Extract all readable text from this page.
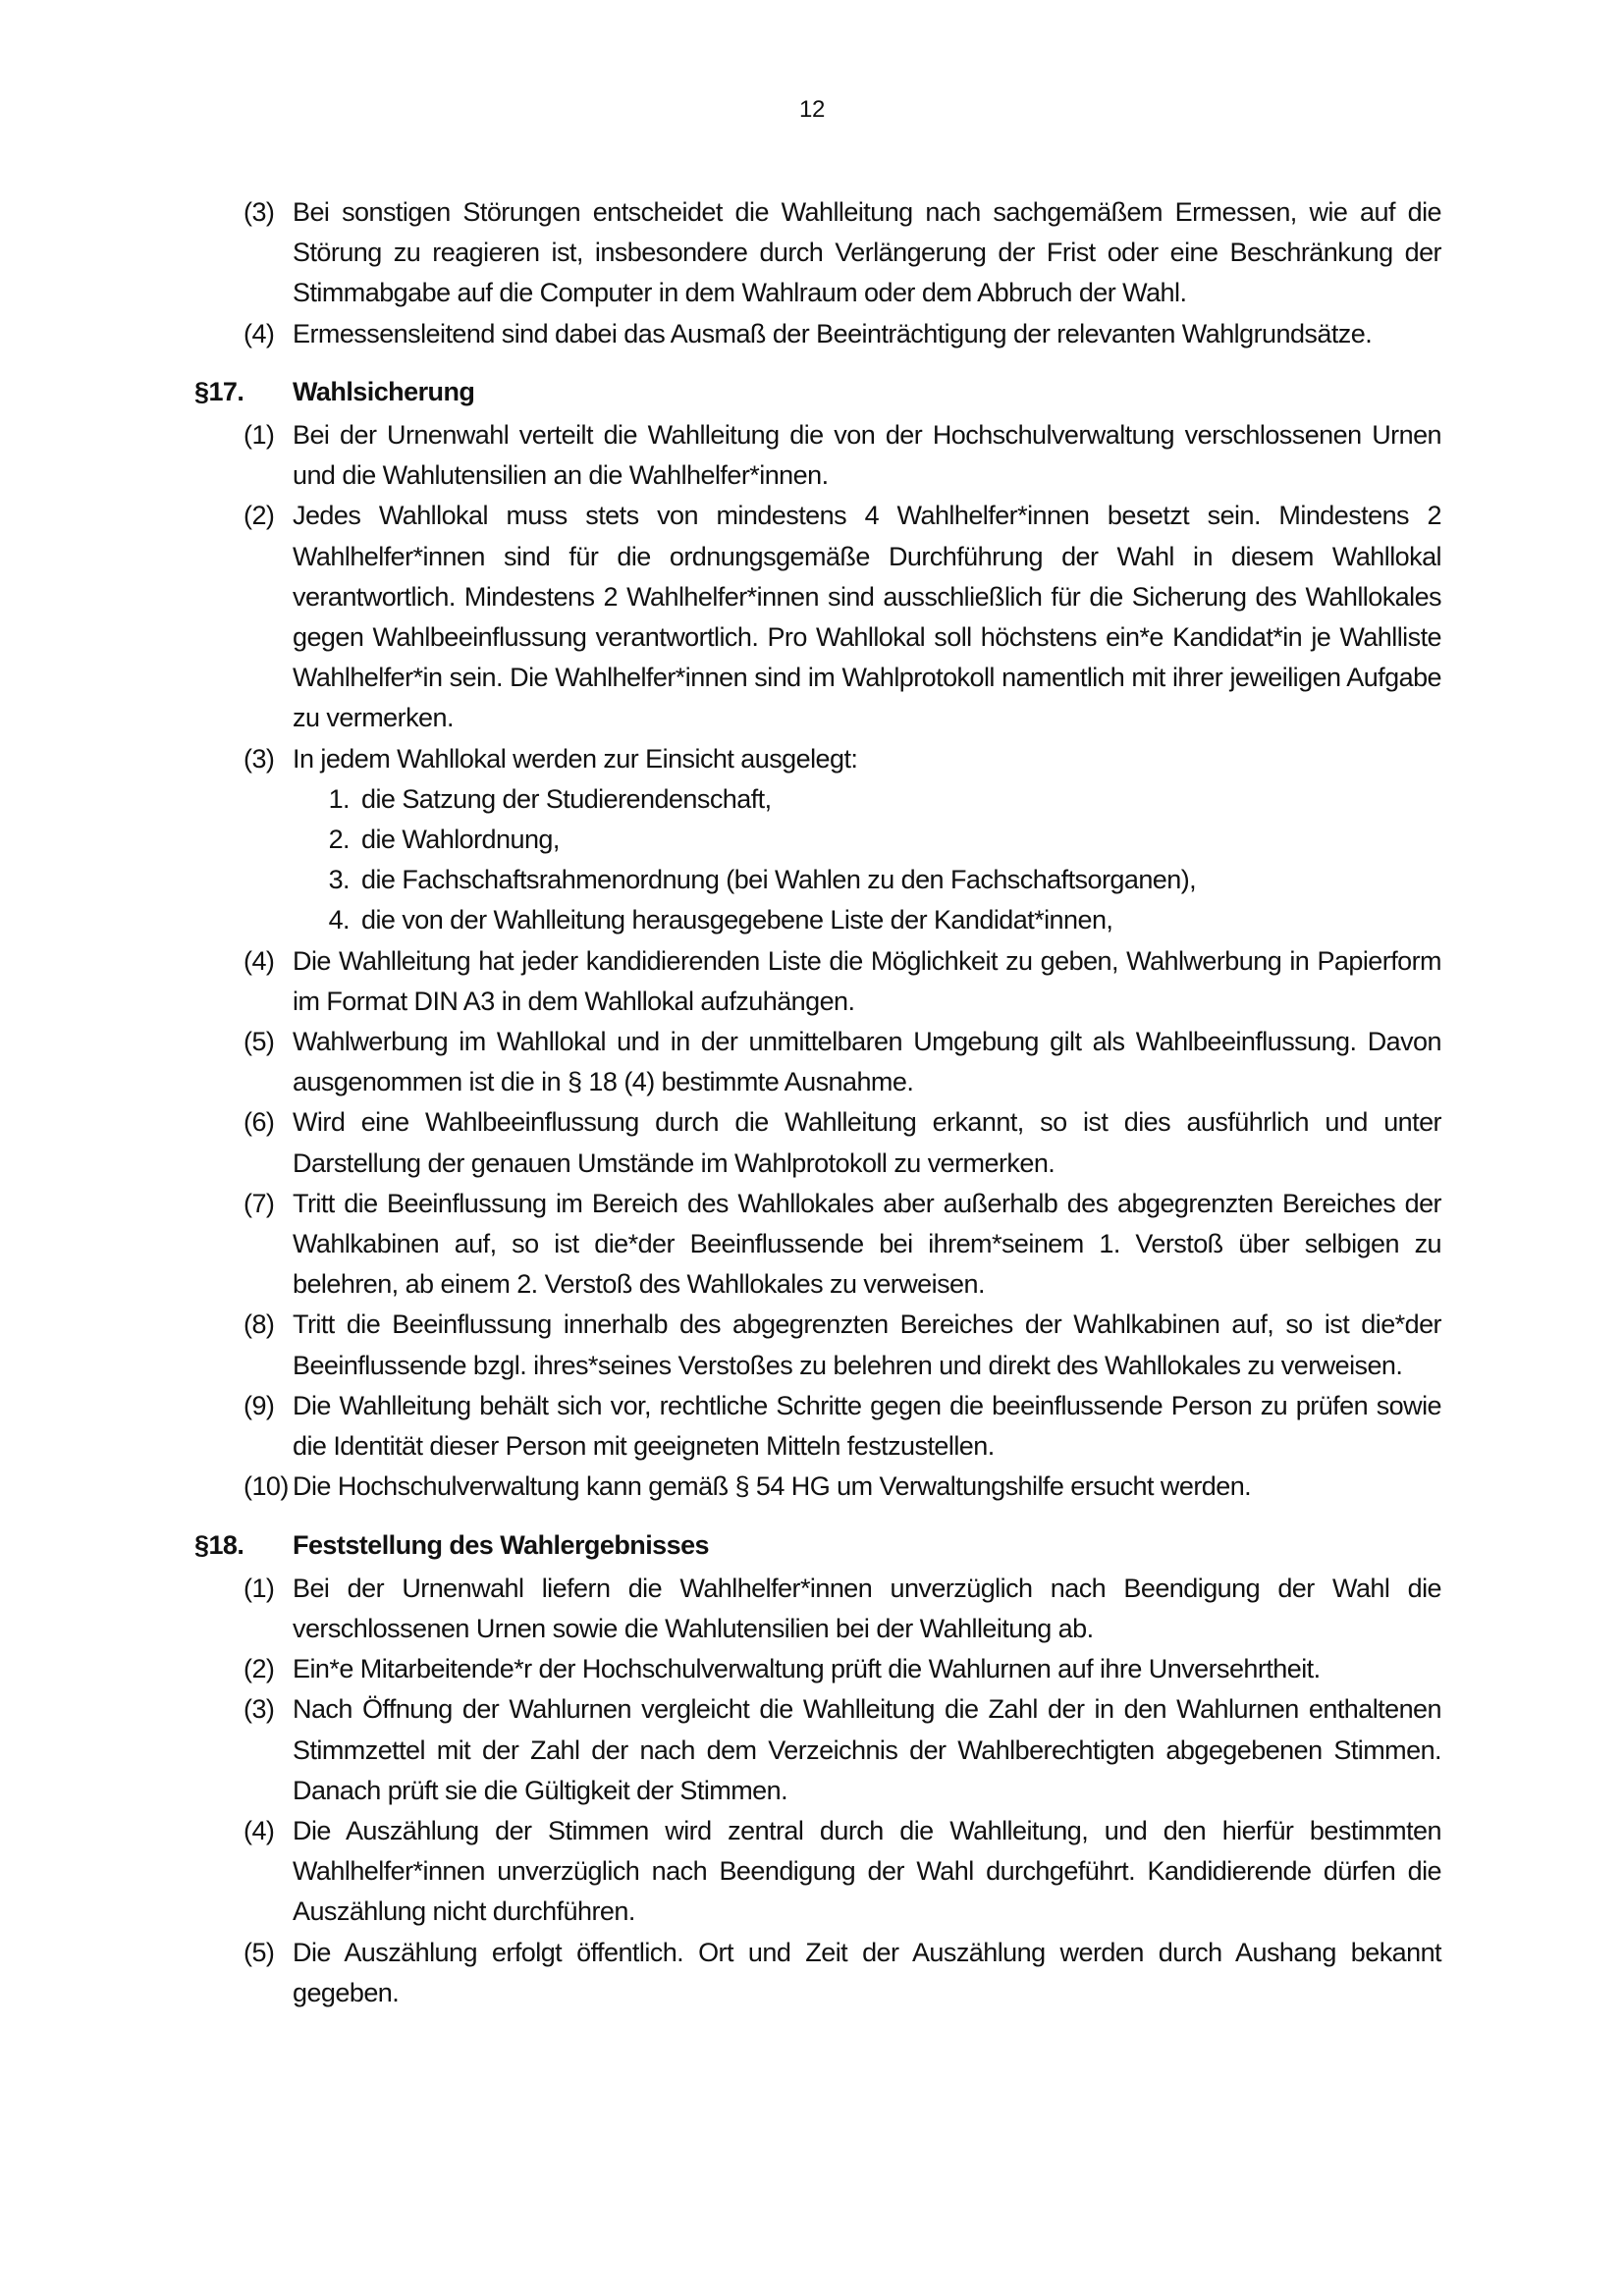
12
(3) Bei sonstigen Störungen entscheidet die Wahlleitung nach sachgemäßem Ermessen, wie auf die Störung zu reagieren ist, insbesondere durch Verlängerung der Frist oder eine Beschränkung der Stimmabgabe auf die Computer in dem Wahlraum oder dem Abbruch der Wahl.
(4) Ermessensleitend sind dabei das Ausmaß der Beeinträchtigung der relevanten Wahlgrundsätze.
§17.	Wahlsicherung
(1) Bei der Urnenwahl verteilt die Wahlleitung die von der Hochschulverwaltung verschlossenen Urnen und die Wahlutensilien an die Wahlhelfer*innen.
(2) Jedes Wahllokal muss stets von mindestens 4 Wahlhelfer*innen besetzt sein. Mindestens 2 Wahlhelfer*innen sind für die ordnungsgemäße Durchführung der Wahl in diesem Wahllokal verantwortlich. Mindestens 2 Wahlhelfer*innen sind ausschließlich für die Sicherung des Wahllokales gegen Wahlbeeinflussung verantwortlich. Pro Wahllokal soll höchstens ein*e Kandidat*in je Wahlliste Wahlhelfer*in sein. Die Wahlhelfer*innen sind im Wahlprotokoll namentlich mit ihrer jeweiligen Aufgabe zu vermerken.
(3) In jedem Wahllokal werden zur Einsicht ausgelegt:
1. die Satzung der Studierendenschaft,
2. die Wahlordnung,
3. die Fachschaftsrahmenordnung (bei Wahlen zu den Fachschaftsorganen),
4. die von der Wahlleitung herausgegebene Liste der Kandidat*innen,
(4) Die Wahlleitung hat jeder kandidierenden Liste die Möglichkeit zu geben, Wahlwerbung in Papierform im Format DIN A3 in dem Wahllokal aufzuhängen.
(5) Wahlwerbung im Wahllokal und in der unmittelbaren Umgebung gilt als Wahlbeeinflussung. Davon ausgenommen ist die in § 18 (4) bestimmte Ausnahme.
(6) Wird eine Wahlbeeinflussung durch die Wahlleitung erkannt, so ist dies ausführlich und unter Darstellung der genauen Umstände im Wahlprotokoll zu vermerken.
(7) Tritt die Beeinflussung im Bereich des Wahllokales aber außerhalb des abgegrenzten Bereiches der Wahlkabinen auf, so ist die*der Beeinflussende bei ihrem*seinem 1. Verstoß über selbigen zu belehren, ab einem 2. Verstoß des Wahllokales zu verweisen.
(8) Tritt die Beeinflussung innerhalb des abgegrenzten Bereiches der Wahlkabinen auf, so ist die*der Beeinflussende bzgl. ihres*seines Verstoßes zu belehren und direkt des Wahllokales zu verweisen.
(9) Die Wahlleitung behält sich vor, rechtliche Schritte gegen die beeinflussende Person zu prüfen sowie die Identität dieser Person mit geeigneten Mitteln festzustellen.
(10) Die Hochschulverwaltung kann gemäß § 54 HG um Verwaltungshilfe ersucht werden.
§18.	Feststellung des Wahlergebnisses
(1) Bei der Urnenwahl liefern die Wahlhelfer*innen unverzüglich nach Beendigung der Wahl die verschlossenen Urnen sowie die Wahlutensilien bei der Wahlleitung ab.
(2) Ein*e Mitarbeitende*r der Hochschulverwaltung prüft die Wahlurnen auf ihre Unversehrtheit.
(3) Nach Öffnung der Wahlurnen vergleicht die Wahlleitung die Zahl der in den Wahlurnen enthaltenen Stimmzettel mit der Zahl der nach dem Verzeichnis der Wahlberechtigten abgegebenen Stimmen. Danach prüft sie die Gültigkeit der Stimmen.
(4) Die Auszählung der Stimmen wird zentral durch die Wahlleitung, und den hierfür bestimmten Wahlhelfer*innen unverzüglich nach Beendigung der Wahl durchgeführt. Kandidierende dürfen die Auszählung nicht durchführen.
(5) Die Auszählung erfolgt öffentlich. Ort und Zeit der Auszählung werden durch Aushang bekannt gegeben.
